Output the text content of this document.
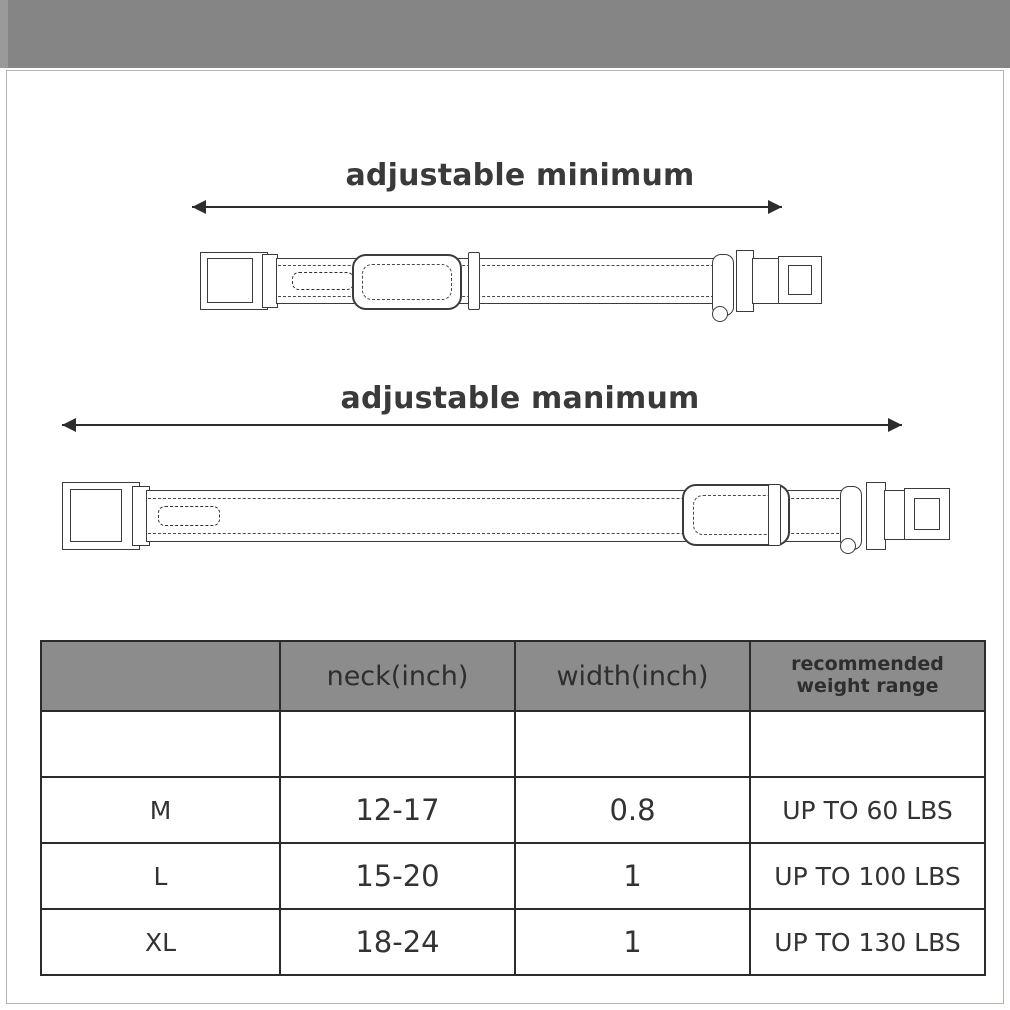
adjustable minimum
adjustable manimum
	neck(inch)	width(inch)	recommended
weight range

M	12-17	0.8	UP TO 60 LBS
L	15-20	1	UP TO 100 LBS
XL	18-24	1	UP TO 130 LBS
